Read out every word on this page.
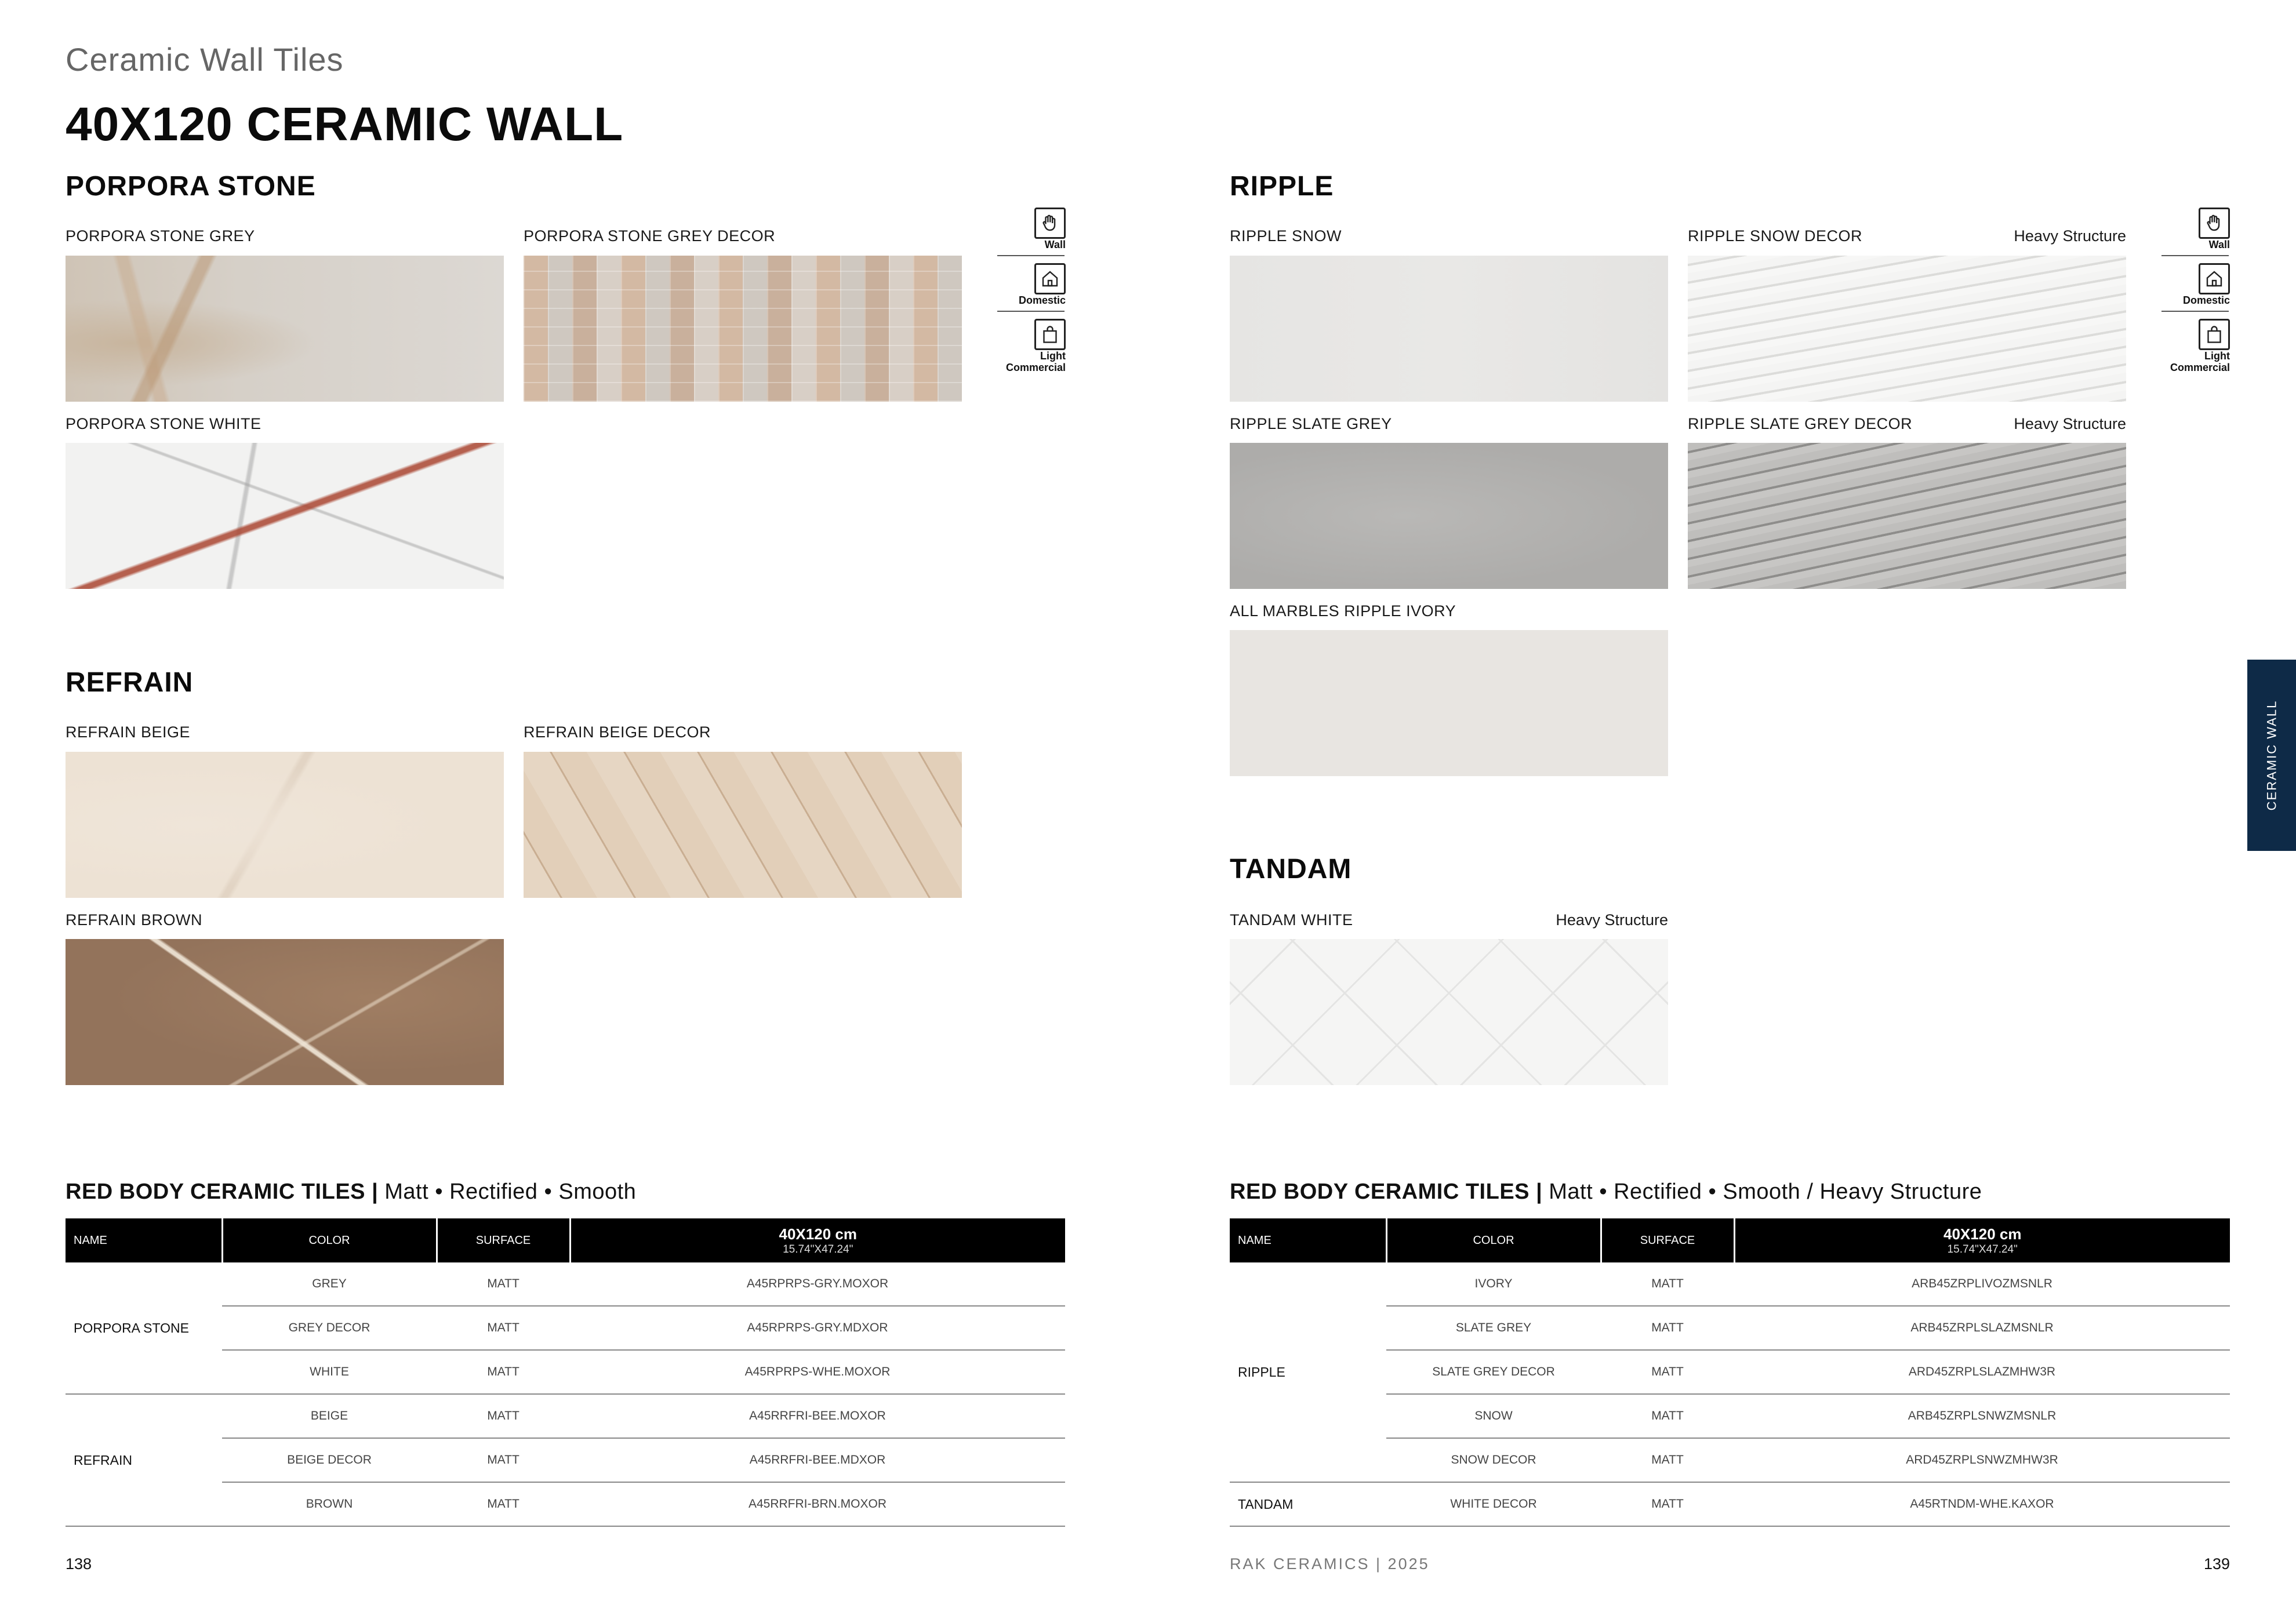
Ceramic Wall Tiles
40X120 CERAMIC WALL
PORPORA STONE
PORPORA STONE GREY	PORPORA STONE GREY DECOR
PORPORA STONE WHITE
Wall
Domestic
Light
Commercial
REFRAIN
REFRAIN BEIGE	REFRAIN BEIGE DECOR
REFRAIN BROWN
RIPPLE
RIPPLE SNOW	RIPPLE SNOW DECOR	Heavy Structure
RIPPLE SLATE GREY	RIPPLE SLATE GREY DECOR	Heavy Structure
ALL MARBLES RIPPLE IVORY
Wall
Domestic
Light
Commercial
TANDAM
TANDAM WHITE	Heavy Structure
CERAMIC WALL
RED BODY CERAMIC TILES | Matt • Rectified • Smooth
NAME	COLOR	SURFACE	40X120 cm
15.74"X47.24"

PORPORA STONE	GREY	MATT	A45RPRPS-GRY.MOXOR
	GREY DECOR	MATT	A45RPRPS-GRY.MDXOR
	WHITE	MATT	A45RPRPS-WHE.MOXOR
REFRAIN	BEIGE	MATT	A45RRFRI-BEE.MOXOR
	BEIGE DECOR	MATT	A45RRFRI-BEE.MDXOR
	BROWN	MATT	A45RRFRI-BRN.MOXOR
RED BODY CERAMIC TILES | Matt • Rectified • Smooth / Heavy Structure
NAME	COLOR	SURFACE	40X120 cm
15.74"X47.24"

RIPPLE	IVORY	MATT	ARB45ZRPLIVOZMSNLR
	SLATE GREY	MATT	ARB45ZRPLSLAZMSNLR
	SLATE GREY DECOR	MATT	ARD45ZRPLSLAZMHW3R
	SNOW	MATT	ARB45ZRPLSNWZMSNLR
	SNOW DECOR	MATT	ARD45ZRPLSNWZMHW3R
TANDAM	WHITE DECOR	MATT	A45RTNDM-WHE.KAXOR
138	RAK CERAMICS | 2025	139
